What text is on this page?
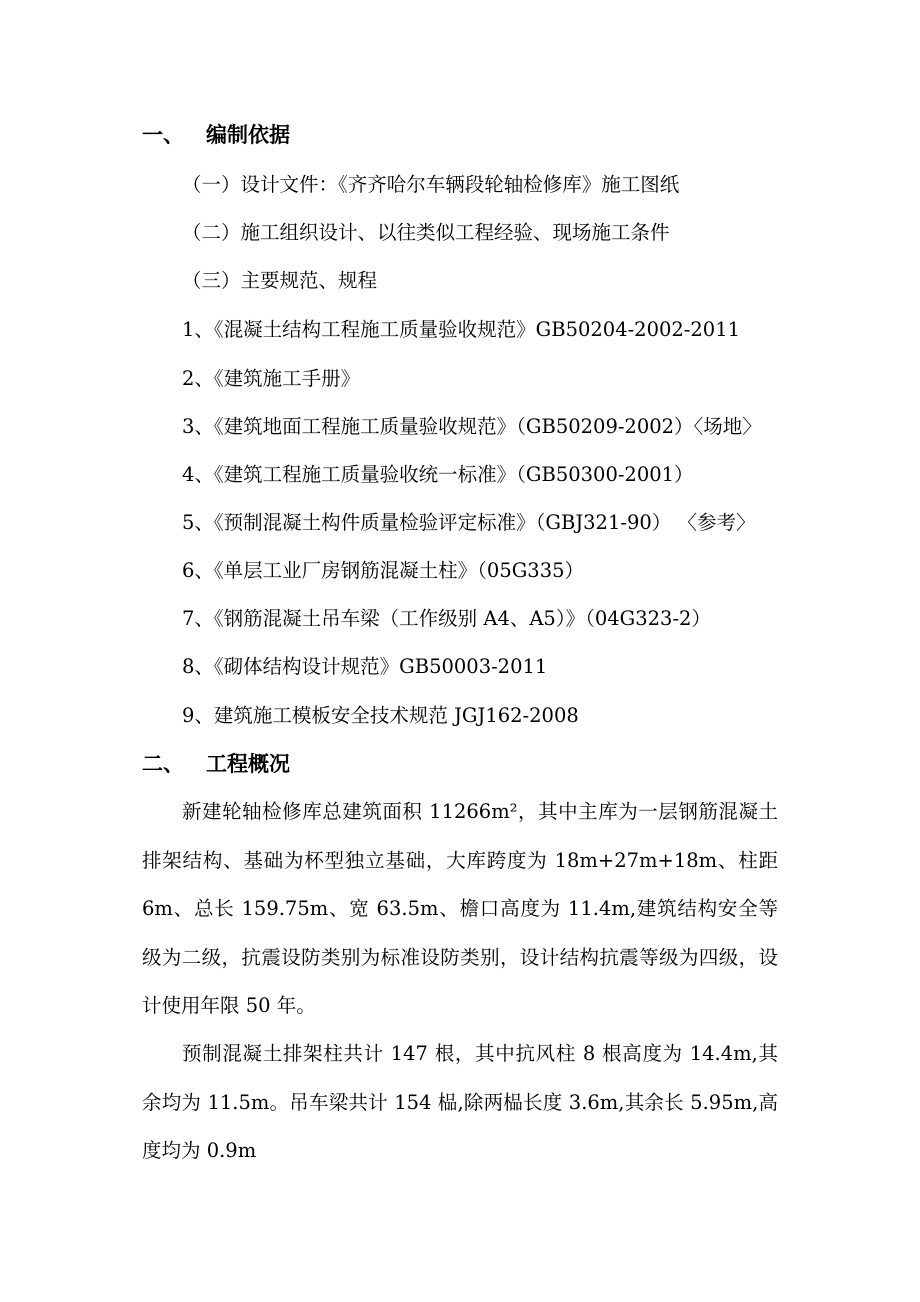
一、 编制依据
（一）设计文件：《齐齐哈尔车辆段轮轴检修库》施工图纸
（二）施工组织设计、以往类似工程经验、现场施工条件
（三）主要规范、规程
1、《混凝土结构工程施工质量验收规范》GB50204-2002-2011
2、《建筑施工手册》
3、《建筑地面工程施工质量验收规范》（GB50209-2002）〈场地〉
4、《建筑工程施工质量验收统一标准》（GB50300-2001）
5、《预制混凝土构件质量检验评定标准》（GBJ321-90） 〈参考〉
6、《单层工业厂房钢筋混凝土柱》（05G335）
7、《钢筋混凝土吊车梁（工作级别 A4、A5）》（04G323-2）
8、《砌体结构设计规范》GB50003-2011
9、建筑施工模板安全技术规范 JGJ162-2008
二、 工程概况
新建轮轴检修库总建筑面积 11266m²，其中主库为一层钢筋混凝土排架结构、基础为杯型独立基础，大库跨度为 18m+27m+18m、柱距 6m、总长 159.75m、宽 63.5m、檐口高度为 11.4m,建筑结构安全等级为二级，抗震设防类别为标准设防类别，设计结构抗震等级为四级，设计使用年限 50 年。
预制混凝土排架柱共计 147 根，其中抗风柱 8 根高度为 14.4m,其余均为 11.5m。吊车梁共计 154 榀,除两榀长度 3.6m,其余长 5.95m,高度均为 0.9m
